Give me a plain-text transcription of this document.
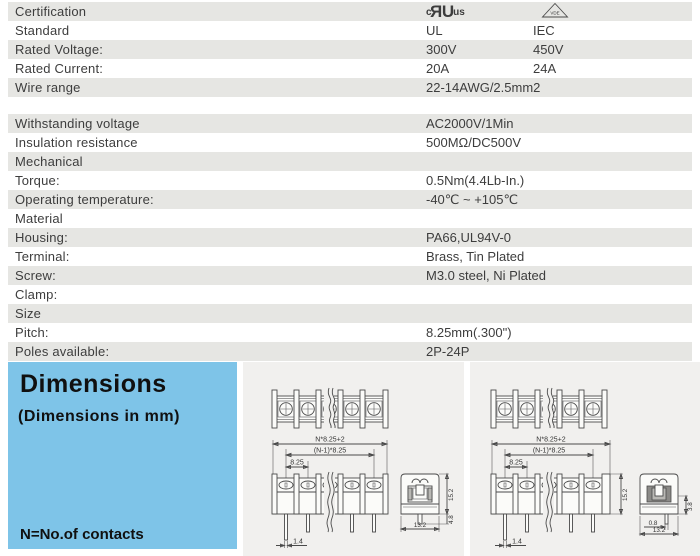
Certification	c RU us	VDE
Standard	UL	IEC
Rated Voltage:	300V	450V
Rated Current:	20A	24A
Wire range	22-14AWG/2.5mm2
Withstanding voltage	AC2000V/1Min
Insulation resistance	500MΩ/DC500V
Mechanical
Torque:	0.5Nm(4.4Lb-In.)
Operating temperature:	-40℃ ~ +105℃
Material
Housing:	PA66,UL94V-0
Terminal:	Brass, Tin Plated
Screw:	M3.0 steel, Ni Plated
Clamp:
Size
Pitch:	8.25mm(.300")
Poles available:	2P-24P
Dimensions
(Dimensions in mm)
N=No.of contacts
N*8.25+2
(N-1)*8.25
8.25
1.4
15.2
4.8
13.2
N*8.25+2
(N-1)*8.25
8.25
1.4
15.2
3.8
0.8
13.2
